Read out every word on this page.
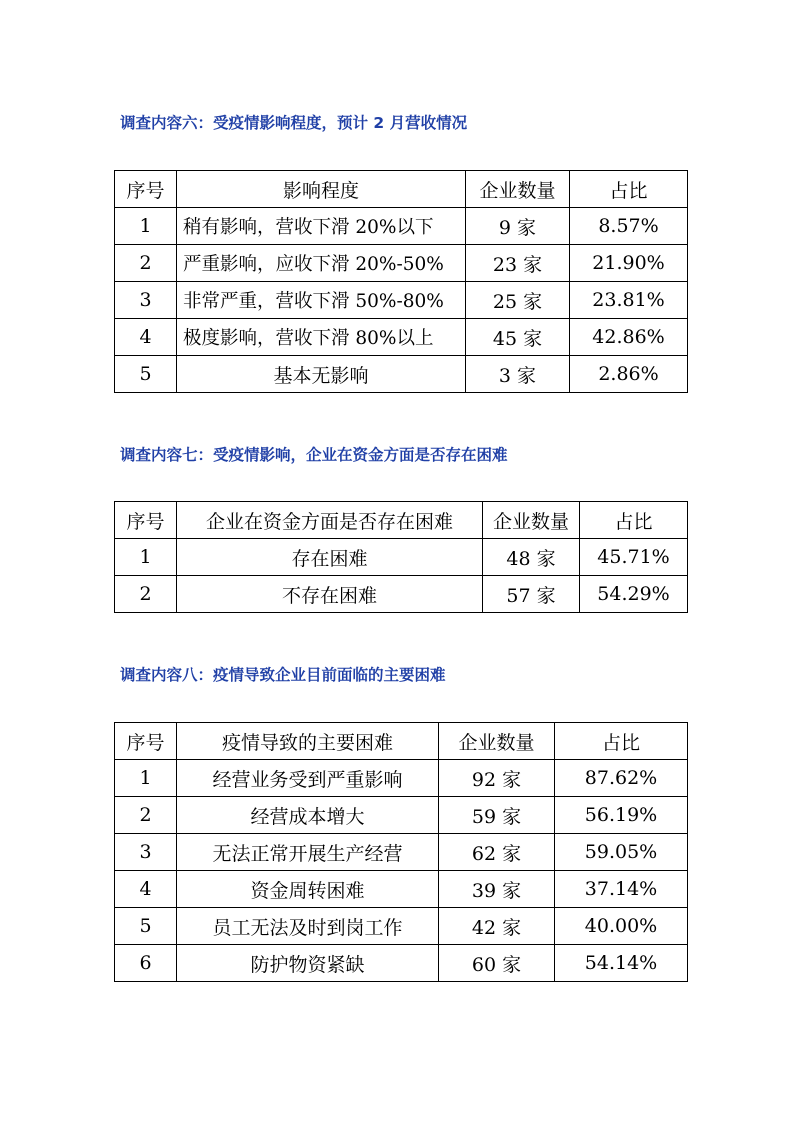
调查内容六：受疫情影响程度，预计 2 月营收情况
序号	影响程度	企业数量	占比
1	稍有影响，营收下滑 20%以下	9 家	8.57%
2	严重影响，应收下滑 20%-50%	23 家	21.90%
3	非常严重，营收下滑 50%-80%	25 家	23.81%
4	极度影响，营收下滑 80%以上	45 家	42.86%
5	基本无影响	3 家	2.86%
调查内容七：受疫情影响，企业在资金方面是否存在困难
序号	企业在资金方面是否存在困难	企业数量	占比
1	存在困难	48 家	45.71%
2	不存在困难	57 家	54.29%
调查内容八：疫情导致企业目前面临的主要困难
序号	疫情导致的主要困难	企业数量	占比
1	经营业务受到严重影响	92 家	87.62%
2	经营成本增大	59 家	56.19%
3	无法正常开展生产经营	62 家	59.05%
4	资金周转困难	39 家	37.14%
5	员工无法及时到岗工作	42 家	40.00%
6	防护物资紧缺	60 家	54.14%
